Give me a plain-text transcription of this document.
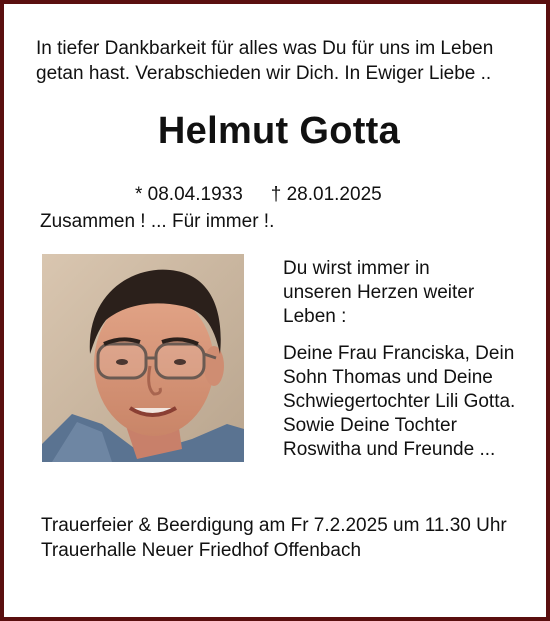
In tiefer Dankbarkeit für alles was Du für uns im Leben
getan hast. Verabschieden wir Dich. In Ewiger Liebe ..
Helmut Gotta
* 08.04.1933 † 28.01.2025
Zusammen ! ... Für immer !.
Du wirst immer in
unseren Herzen weiter
Leben :
Deine Frau Franciska, Dein
Sohn Thomas und Deine
Schwiegertochter Lili Gotta.
Sowie Deine Tochter
Roswitha und Freunde ...
Trauerfeier & Beerdigung am Fr 7.2.2025 um 11.30 Uhr
Trauerhalle Neuer Friedhof Offenbach
